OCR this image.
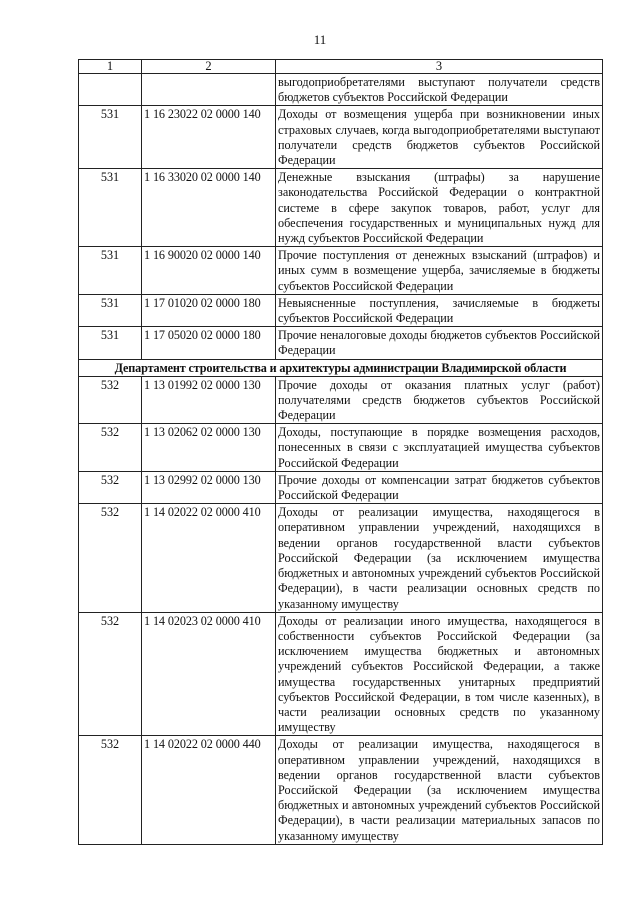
11
1	2	3
		выгодоприобретателями выступают получатели средств бюджетов субъектов Российской Федерации
531	1 16 23022 02 0000 140	Доходы от возмещения ущерба при возникновении иных страховых случаев, когда выгодоприобретателями выступают получатели средств бюджетов субъектов Российской Федерации
531	1 16 33020 02 0000 140	Денежные взыскания (штрафы) за нарушение законодательства Российской Федерации о контрактной системе в сфере закупок товаров, работ, услуг для обеспечения государственных и муниципальных нужд для нужд субъектов Российской Федерации
531	1 16 90020 02 0000 140	Прочие поступления от денежных взысканий (штрафов) и иных сумм в возмещение ущерба, зачисляемые в бюджеты субъектов Российской Федерации
531	1 17 01020 02 0000 180	Невыясненные поступления, зачисляемые в бюджеты субъектов Российской Федерации
531	1 17 05020 02 0000 180	Прочие неналоговые доходы бюджетов субъектов Российской Федерации
Департамент строительства и архитектуры администрации Владимирской области		
532	1 13 01992 02 0000 130	Прочие доходы от оказания платных услуг (работ) получателями средств бюджетов субъектов Российской Федерации
532	1 13 02062 02 0000 130	Доходы, поступающие в порядке возмещения расходов, понесенных в связи с эксплуатацией имущества субъектов Российской Федерации
532	1 13 02992 02 0000 130	Прочие доходы от компенсации затрат бюджетов субъектов Российской Федерации
532	1 14 02022 02 0000 410	Доходы от реализации имущества, находящегося в оперативном управлении учреждений, находящихся в ведении органов государственной власти субъектов Российской Федерации (за исключением имущества бюджетных и автономных учреждений субъектов Российской Федерации), в части реализации основных средств по указанному имуществу
532	1 14 02023 02 0000 410	Доходы от реализации иного имущества, находящегося в собственности субъектов Российской Федерации (за исключением имущества бюджетных и автономных учреждений субъектов Российской Федерации, а также имущества государственных унитарных предприятий субъектов Российской Федерации, в том числе казенных), в части реализации основных средств по указанному имуществу
532	1 14 02022 02 0000 440	Доходы от реализации имущества, находящегося в оперативном управлении учреждений, находящихся в ведении органов государственной власти субъектов Российской Федерации (за исключением имущества бюджетных и автономных учреждений субъектов Российской Федерации), в части реализации материальных запасов по указанному имуществу
